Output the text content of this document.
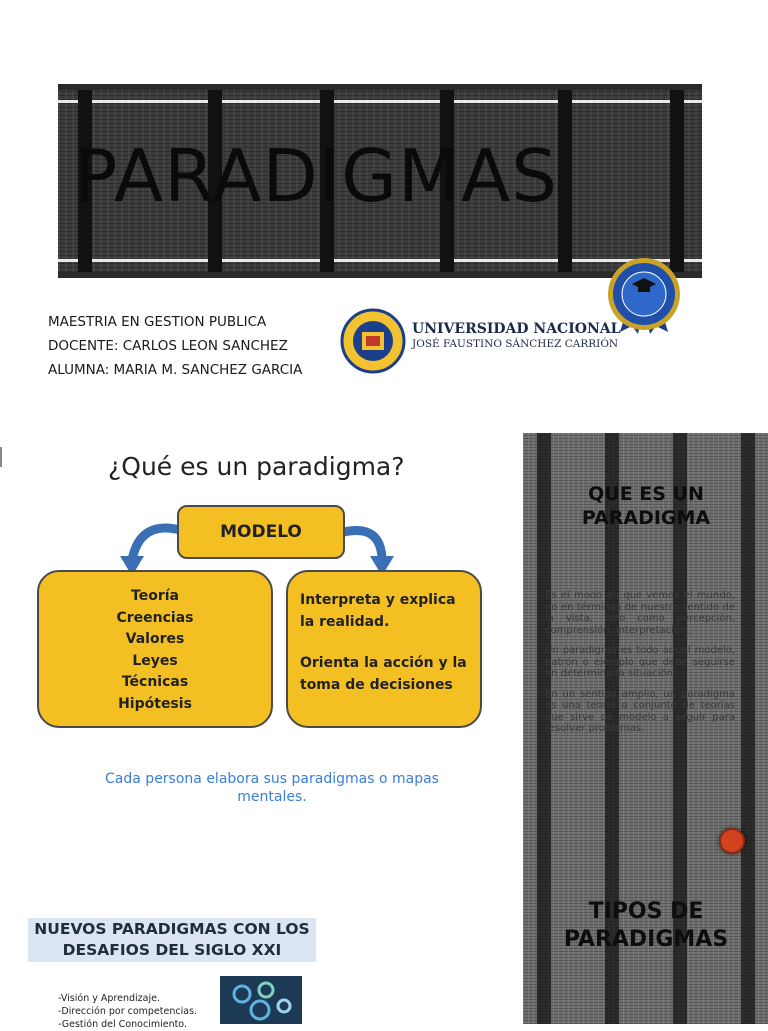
PARADIGMAS
MAESTRIA EN GESTION PUBLICA
DOCENTE: CARLOS LEON SANCHEZ
ALUMNA: MARIA M. SANCHEZ GARCIA
UNIVERSIDAD NACIONAL
JOSÉ FAUSTINO SÁNCHEZ CARRIÓN
¿Qué es un paradigma?
MODELO
Teoría
Creencias
Valores
Leyes
Técnicas
Hipótesis

Interpreta y explica la realidad.

Orienta la acción y la toma de decisiones

Cada persona elabora sus paradigmas o mapas mentales.
NUEVOS PARADIGMAS CON LOS DESAFIOS DEL SIGLO XXI
-Visión y Aprendizaje.
-Dirección por competencias.
-Gestión del Conocimiento.
QUE ES UN PARADIGMA

Es el modo en que vemos el mundo, no en términos de nuestro sentido de la vista, sino como percepción, comprensión, interpretación.

Un paradigma es todo aquel modelo, patrón o ejemplo que debe seguirse en determinada situación.

En un sentido amplio, un paradigma es una teoría o conjunto de teorías que sirve de modelo a seguir para resolver problemas.

TIPOS DE PARADIGMAS
